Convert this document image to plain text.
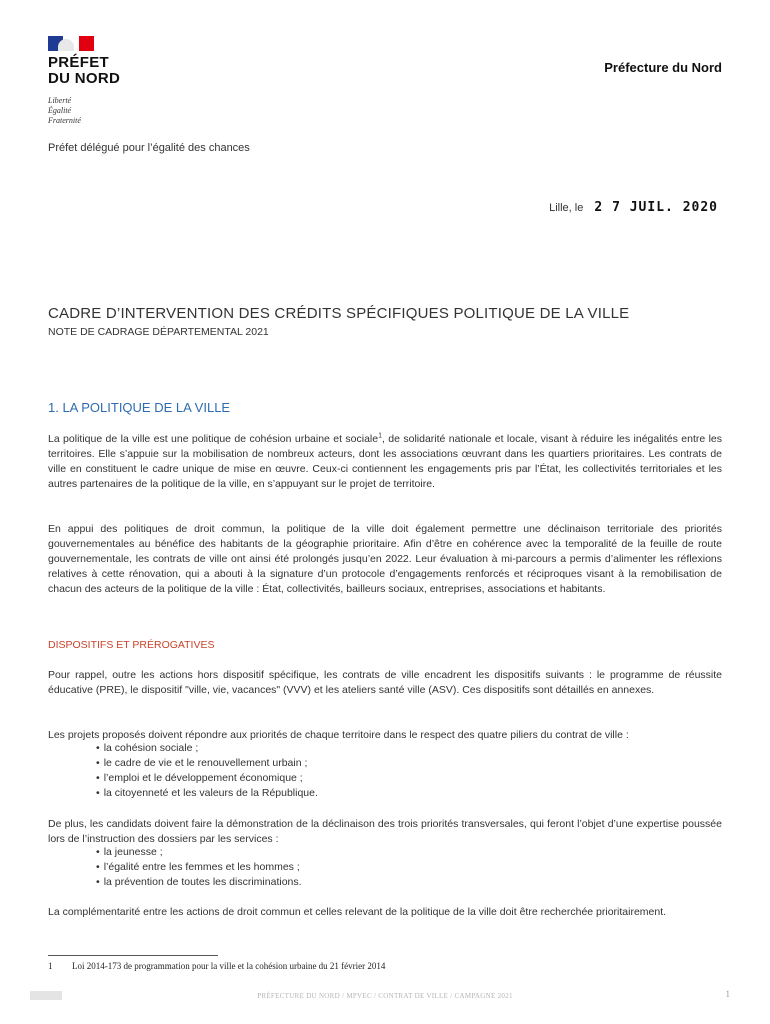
PRÉFET
DU NORD
Liberté
Égalité
Fraternité
Préfecture du Nord
Préfet délégué pour l’égalité des chances
Lille, le 2 7 JUIL. 2020
CADRE D’INTERVENTION DES CRÉDITS SPÉCIFIQUES POLITIQUE DE LA VILLE
NOTE DE CADRAGE DÉPARTEMENTAL 2021
1. LA POLITIQUE DE LA VILLE
La politique de la ville est une politique de cohésion urbaine et sociale$^1$, de solidarité nationale et locale, visant à réduire les inégalités entre les territoires. Elle s’appuie sur la mobilisation de nombreux acteurs, dont les associations œuvrant dans les quartiers prioritaires. Les contrats de ville en constituent le cadre unique de mise en œuvre. Ceux-ci contiennent les engagements pris par l’État, les collectivités territoriales et les autres partenaires de la politique de la ville, en s’appuyant sur le projet de territoire.
En appui des politiques de droit commun, la politique de la ville doit également permettre une déclinaison territoriale des priorités gouvernementales au bénéfice des habitants de la géographie prioritaire. Afin d’être en cohérence avec la temporalité de la feuille de route gouvernementale, les contrats de ville ont ainsi été prolongés jusqu’en 2022. Leur évaluation à mi-parcours a permis d’alimenter les réflexions relatives à cette rénovation, qui a abouti à la signature d’un protocole d’engagements renforcés et réciproques visant à la remobilisation de chacun des acteurs de la politique de la ville : État, collectivités, bailleurs sociaux, entreprises, associations et habitants.
DISPOSITIFS ET PRÉROGATIVES
Pour rappel, outre les actions hors dispositif spécifique, les contrats de ville encadrent les dispositifs suivants : le programme de réussite éducative (PRE), le dispositif "ville, vie, vacances" (VVV) et les ateliers santé ville (ASV). Ces dispositifs sont détaillés en annexes.
Les projets proposés doivent répondre aux priorités de chaque territoire dans le respect des quatre piliers du contrat de ville :
• la cohésion sociale ;
• le cadre de vie et le renouvellement urbain ;
• l’emploi et le développement économique ;
• la citoyenneté et les valeurs de la République.
De plus, les candidats doivent faire la démonstration de la déclinaison des trois priorités transversales, qui feront l’objet d’une expertise poussée lors de l’instruction des dossiers par les services :
• la jeunesse ;
• l’égalité entre les femmes et les hommes ;
• la prévention de toutes les discriminations.
La complémentarité entre les actions de droit commun et celles relevant de la politique de la ville doit être recherchée prioritairement.
1 Loi 2014-173 de programmation pour la ville et la cohésion urbaine du 21 février 2014
PRÉFECTURE DU NORD / MPVEC / CONTRAT DE VILLE / CAMPAGNE 2021	1
